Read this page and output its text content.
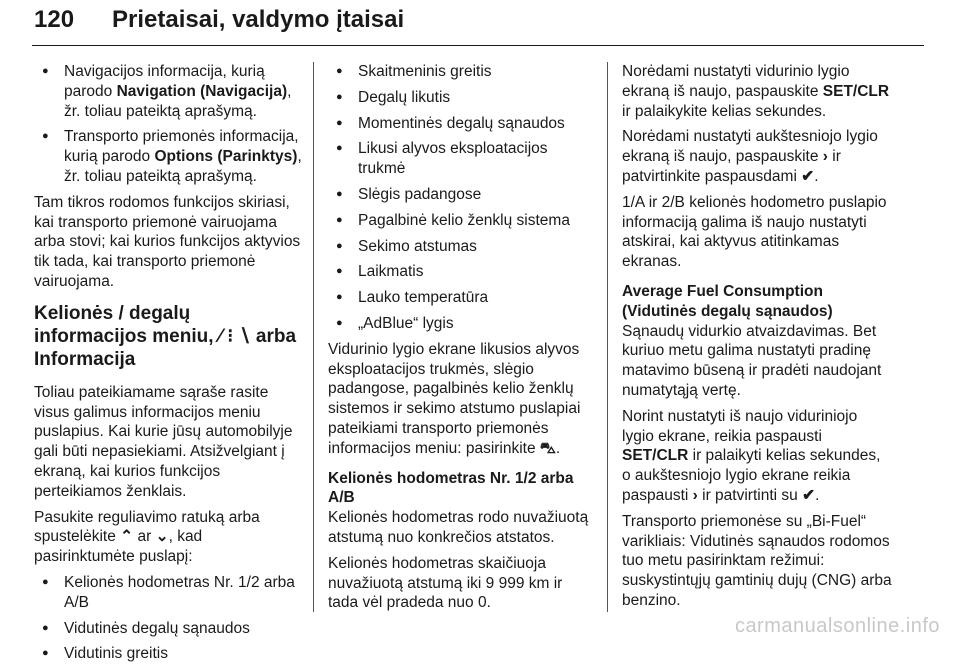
120 Prietaisai, valdymo įtaisai
● Navigacijos informacija, kurią parodo Navigation (Navigacija), žr. toliau pateiktą aprašymą.
● Transporto priemonės informacija, kurią parodo Options (Parinktys), žr. toliau pateiktą aprašymą.

Tam tikros rodomos funkcijos skiriasi, kai transporto priemonė vairuojama arba stovi; kai kurios funkcijos aktyvios tik tada, kai transporto priemonė vairuojama.

Kelionės / degalų informacijos meniu, ⁄ ⁝ ∖ arba Informacija

Toliau pateikiamame sąraše rasite visus galimus informacijos meniu puslapius. Kai kurie jūsų automobilyje gali būti nepasiekiami. Atsižvelgiant į ekraną, kai kurios funkcijos perteikiamos ženklais.

Pasukite reguliavimo ratuką arba spustelėkite ⌃ ar ⌄, kad pasirinktumėte puslapį:

● Kelionės hodometras Nr. 1/2 arba A/B
● Vidutinės degalų sąnaudos
● Vidutinis greitis
● Skaitmeninis greitis
● Degalų likutis
● Momentinės degalų sąnaudos
● Likusi alyvos eksploatacijos trukmė
● Slėgis padangose
● Pagalbinė kelio ženklų sistema
● Sekimo atstumas
● Laikmatis
● Lauko temperatūra
● „AdBlue“ lygis

Vidurinio lygio ekrane likusios alyvos eksploatacijos trukmės, slėgio padangose, pagalbinės kelio ženklų sistemos ir sekimo atstumo puslapiai pateikiami transporto priemonės informacijos meniu: pasirinkite ⛍.

Kelionės hodometras Nr. 1/2 arba A/B

Kelionės hodometras rodo nuvažiuotą atstumą nuo konkrečios atstatos.

Kelionės hodometras skaičiuoja nuvažiuotą atstumą iki 9 999 km ir tada vėl pradeda nuo 0.

Norėdami nustatyti vidurinio lygio ekraną iš naujo, paspauskite SET/CLR ir palaikykite kelias sekundes.

Norėdami nustatyti aukštesniojo lygio ekraną iš naujo, paspauskite › ir patvirtinkite paspausdami ✔.

1/A ir 2/B kelionės hodometro puslapio informaciją galima iš naujo nustatyti atskirai, kai aktyvus atitinkamas ekranas.

Average Fuel Consumption
(Vidutinės degalų sąnaudos)

Sąnaudų vidurkio atvaizdavimas. Bet kuriuo metu galima nustatyti pradinę matavimo būseną ir pradėti naudojant numatytąją vertę.

Norint nustatyti iš naujo viduriniojo lygio ekrane, reikia paspausti SET/CLR ir palaikyti kelias sekundes, o aukštesniojo lygio ekrane reikia paspausti › ir patvirtinti su ✔.

Transporto priemonėse su „Bi-Fuel“ varikliais: Vidutinės sąnaudos rodomos tuo metu pasirinktam režimui: suskystintųjų gamtinių dujų (CNG) arba benzino.

carmanualsonline.info
